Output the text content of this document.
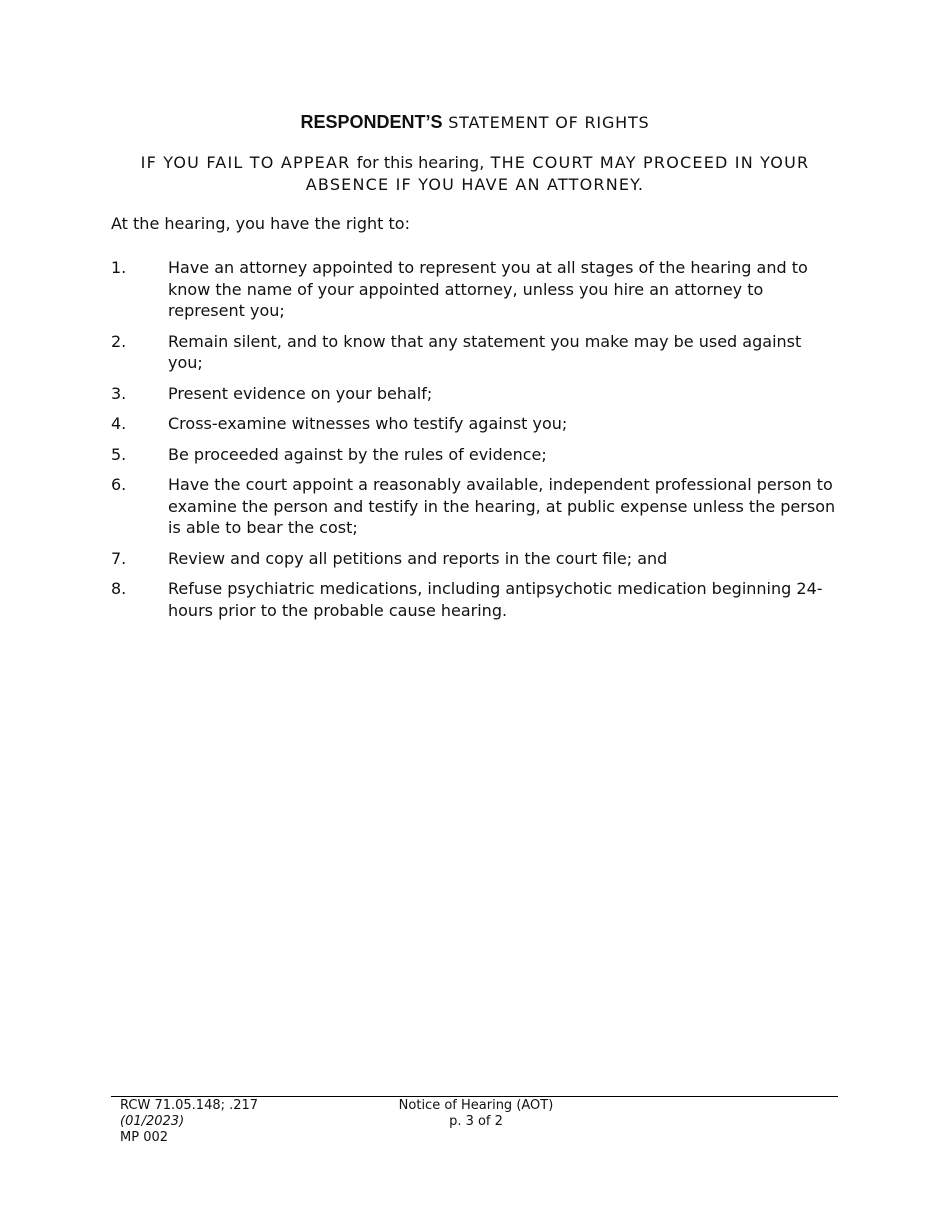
RESPONDENT’S STATEMENT OF RIGHTS
IF YOU FAIL TO APPEAR for this hearing, THE COURT MAY PROCEED IN YOUR ABSENCE IF YOU HAVE AN ATTORNEY.
At the hearing, you have the right to:
1.	Have an attorney appointed to represent you at all stages of the hearing and to know the name of your appointed attorney, unless you hire an attorney to represent you;
2.	Remain silent, and to know that any statement you make may be used against you;
3.	Present evidence on your behalf;
4.	Cross-examine witnesses who testify against you;
5.	Be proceeded against by the rules of evidence;
6.	Have the court appoint a reasonably available, independent professional person to examine the person and testify in the hearing, at public expense unless the person is able to bear the cost;
7.	Review and copy all petitions and reports in the court file; and
8.	Refuse psychiatric medications, including antipsychotic medication beginning 24-hours prior to the probable cause hearing.
RCW 71.05.148; .217
(01/2023)
MP 002
Notice of Hearing (AOT)
p. 3 of 2
